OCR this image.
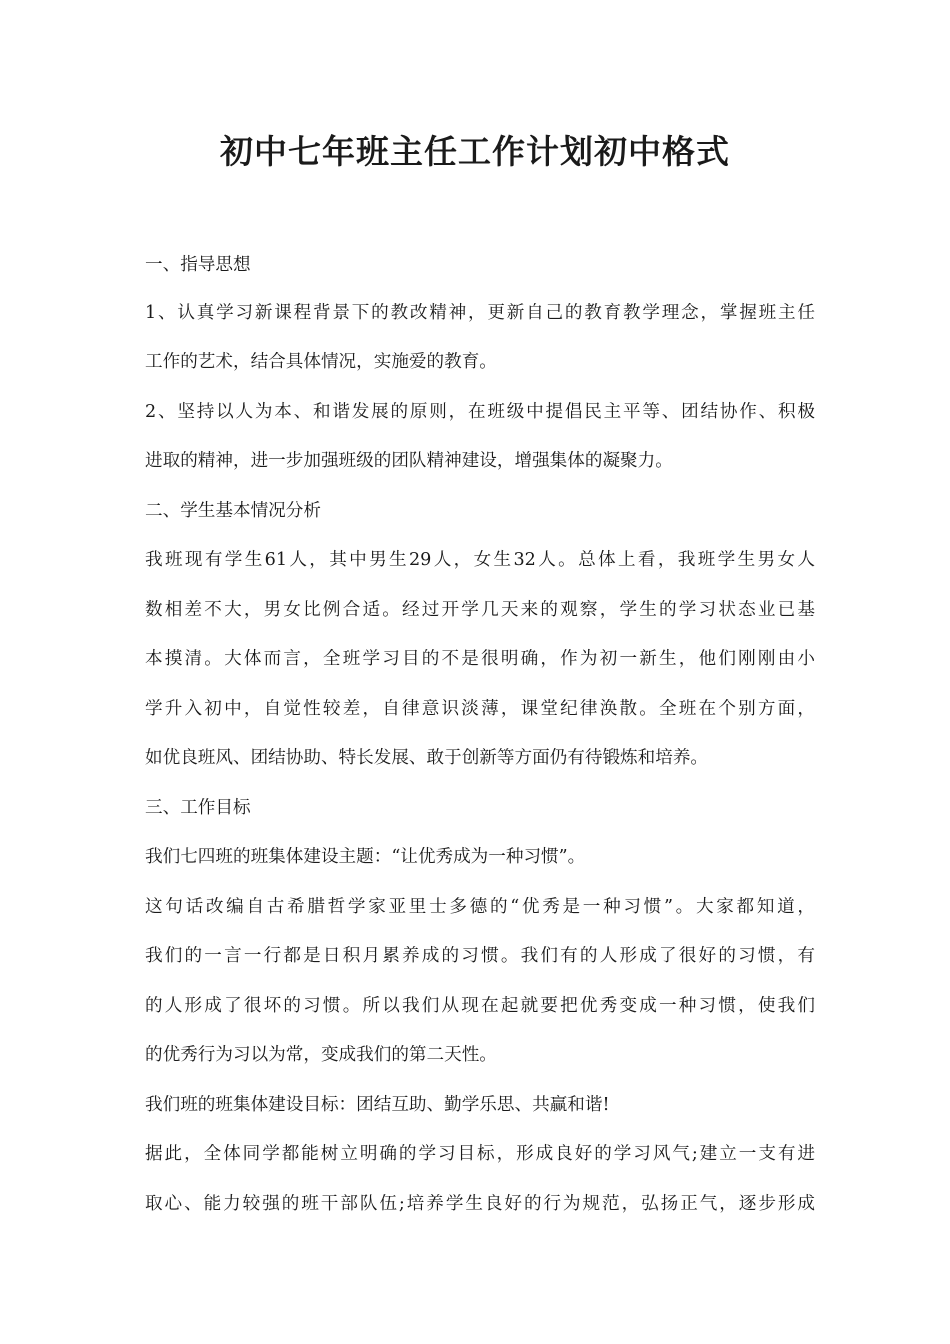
初中七年班主任工作计划初中格式
一、指导思想
1、认真学习新课程背景下的教改精神，更新自己的教育教学理念，掌握班主任
工作的艺术，结合具体情况，实施爱的教育。
2、坚持以人为本、和谐发展的原则，在班级中提倡民主平等、团结协作、积极
进取的精神，进一步加强班级的团队精神建设，增强集体的凝聚力。
二、学生基本情况分析
我班现有学生61人，其中男生29人，女生32人。总体上看，我班学生男女人
数相差不大，男女比例合适。经过开学几天来的观察，学生的学习状态业已基
本摸清。大体而言，全班学习目的不是很明确，作为初一新生，他们刚刚由小
学升入初中，自觉性较差，自律意识淡薄，课堂纪律涣散。全班在个别方面，
如优良班风、团结协助、特长发展、敢于创新等方面仍有待锻炼和培养。
三、工作目标
我们七四班的班集体建设主题：“让优秀成为一种习惯”。
这句话改编自古希腊哲学家亚里士多德的“优秀是一种习惯”。大家都知道，
我们的一言一行都是日积月累养成的习惯。我们有的人形成了很好的习惯，有
的人形成了很坏的习惯。所以我们从现在起就要把优秀变成一种习惯，使我们
的优秀行为习以为常，变成我们的第二天性。
我们班的班集体建设目标：团结互助、勤学乐思、共赢和谐!
据此，全体同学都能树立明确的学习目标，形成良好的学习风气;建立一支有进
取心、能力较强的班干部队伍;培养学生良好的行为规范，弘扬正气，逐步形成
